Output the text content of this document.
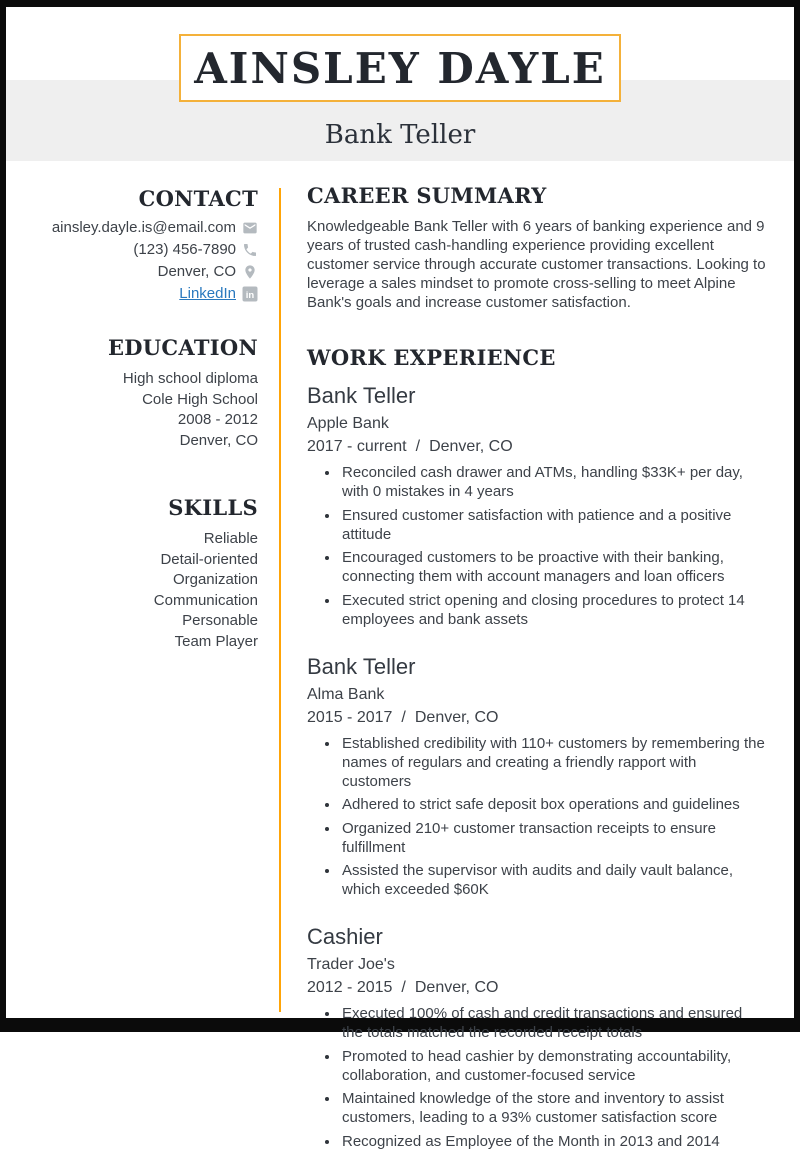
AINSLEY DAYLE
Bank Teller
CONTACT
ainsley.dayle.is@email.com
(123) 456-7890
Denver, CO
LinkedIn in
EDUCATION
High school diploma
Cole High School
2008 - 2012
Denver, CO
SKILLS
Reliable
Detail-oriented
Organization
Communication
Personable
Team Player
CAREER SUMMARY

Knowledgeable Bank Teller with 6 years of banking experience and 9 years of trusted cash-handling experience providing excellent customer service through accurate customer transactions. Looking to leverage a sales mindset to promote cross-selling to meet Alpine Bank's goals and increase customer satisfaction.

WORK EXPERIENCE
Bank Teller

Apple Bank

2017 - current / Denver, CO

• Reconciled cash drawer and ATMs, handling $33K+ per day, with 0 mistakes in 4 years
• Ensured customer satisfaction with patience and a positive attitude
• Encouraged customers to be proactive with their banking, connecting them with account managers and loan officers
• Executed strict opening and closing procedures to protect 14 employees and bank assets
Bank Teller

Alma Bank

2015 - 2017 / Denver, CO

• Established credibility with 110+ customers by remembering the names of regulars and creating a friendly rapport with customers
• Adhered to strict safe deposit box operations and guidelines
• Organized 210+ customer transaction receipts to ensure fulfillment
• Assisted the supervisor with audits and daily vault balance, which exceeded $60K
Cashier

Trader Joe's

2012 - 2015 / Denver, CO

• Executed 100% of cash and credit transactions and ensured the totals matched the recorded receipt totals
• Promoted to head cashier by demonstrating accountability, collaboration, and customer-focused service
• Maintained knowledge of the store and inventory to assist customers, leading to a 93% customer satisfaction score
• Recognized as Employee of the Month in 2013 and 2014
